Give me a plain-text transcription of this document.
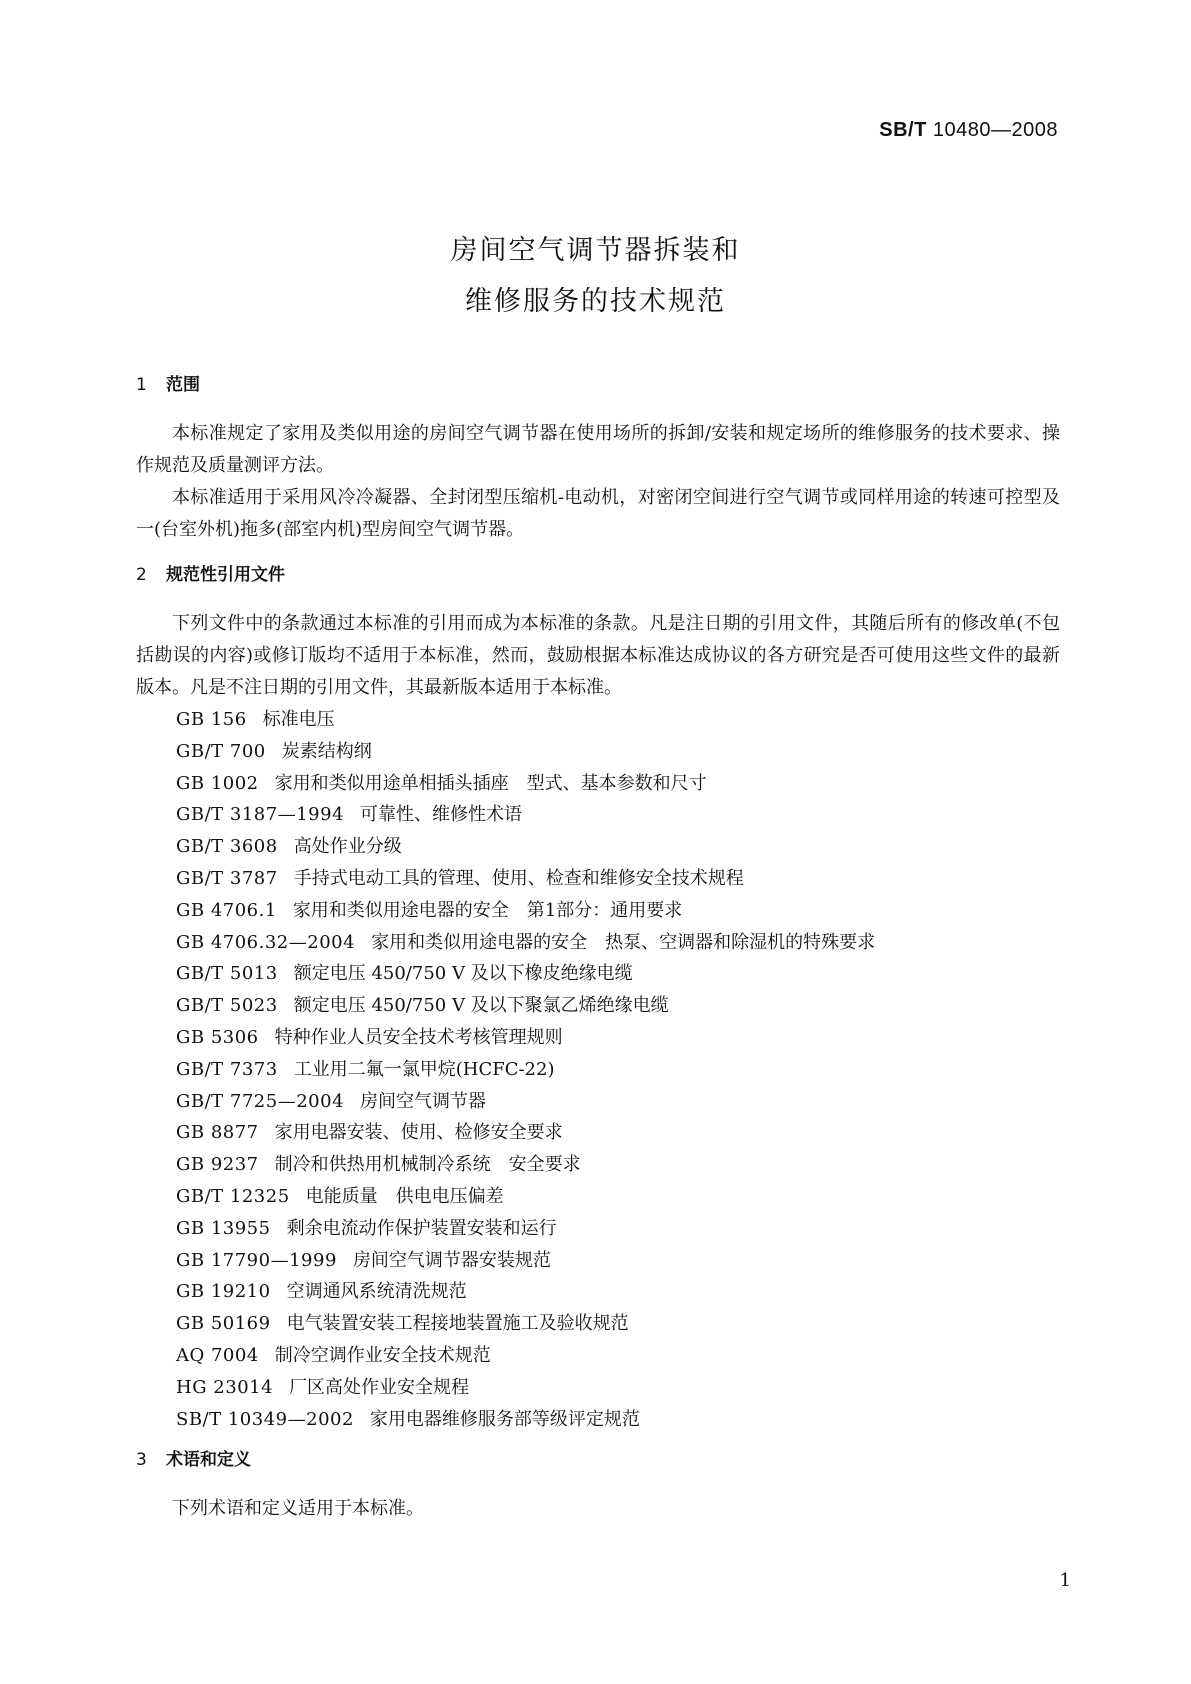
SB/T 10480—2008
房间空气调节器拆装和
维修服务的技术规范
1 范围

本标准规定了家用及类似用途的房间空气调节器在使用场所的拆卸/安装和规定场所的维修服务的技术要求、操作规范及质量测评方法。

本标准适用于采用风冷冷凝器、全封闭型压缩机-电动机，对密闭空间进行空气调节或同样用途的转速可控型及一(台室外机)拖多(部室内机)型房间空气调节器。

2 规范性引用文件

下列文件中的条款通过本标准的引用而成为本标准的条款。凡是注日期的引用文件，其随后所有的修改单(不包括勘误的内容)或修订版均不适用于本标准，然而，鼓励根据本标准达成协议的各方研究是否可使用这些文件的最新版本。凡是不注日期的引用文件，其最新版本适用于本标准。

GB 156 标准电压
GB/T 700 炭素结构纲
GB 1002 家用和类似用途单相插头插座　型式、基本参数和尺寸
GB/T 3187—1994 可靠性、维修性术语
GB/T 3608 高处作业分级
GB/T 3787 手持式电动工具的管理、使用、检查和维修安全技术规程
GB 4706.1 家用和类似用途电器的安全　第1部分：通用要求
GB 4706.32—2004 家用和类似用途电器的安全　热泵、空调器和除湿机的特殊要求
GB/T 5013 额定电压 450/750 V 及以下橡皮绝缘电缆
GB/T 5023 额定电压 450/750 V 及以下聚氯乙烯绝缘电缆
GB 5306 特种作业人员安全技术考核管理规则
GB/T 7373 工业用二氟一氯甲烷(HCFC-22)
GB/T 7725—2004 房间空气调节器
GB 8877 家用电器安装、使用、检修安全要求
GB 9237 制冷和供热用机械制冷系统　安全要求
GB/T 12325 电能质量　供电电压偏差
GB 13955 剩余电流动作保护装置安装和运行
GB 17790—1999 房间空气调节器安装规范
GB 19210 空调通风系统清洗规范
GB 50169 电气装置安装工程接地装置施工及验收规范
AQ 7004 制冷空调作业安全技术规范
HG 23014 厂区高处作业安全规程
SB/T 10349—2002 家用电器维修服务部等级评定规范
3 术语和定义

下列术语和定义适用于本标准。

1
